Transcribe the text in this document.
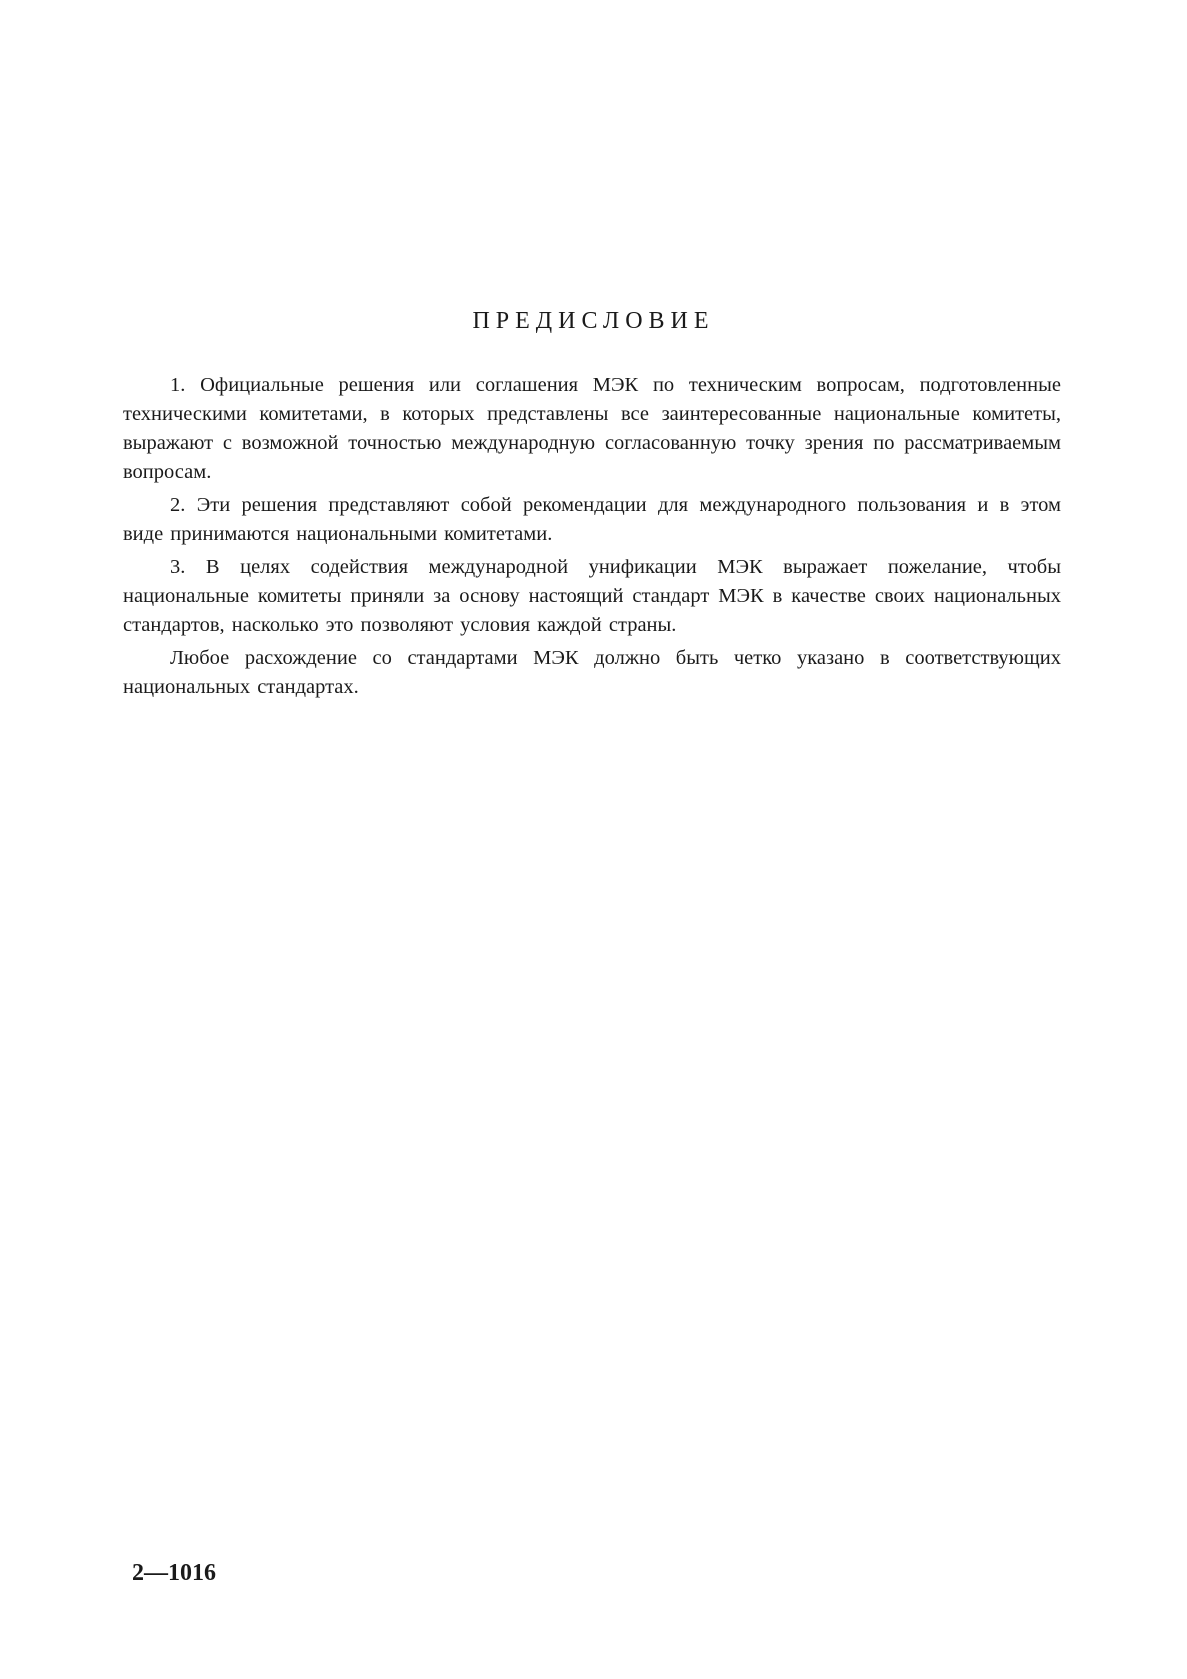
ПРЕДИСЛОВИЕ

1. Официальные решения или соглашения МЭК по техническим вопросам, подготовленные техническими комитетами, в которых представлены все заинтересованные национальные комитеты, выражают с возможной точностью международную согласованную точку зрения по рассматриваемым вопросам.

2. Эти решения представляют собой рекомендации для международного пользования и в этом виде принимаются национальными комитетами.

3. В целях содействия международной унификации МЭК выражает пожелание, чтобы национальные комитеты приняли за основу настоящий стандарт МЭК в качестве своих национальных стандартов, насколько это позволяют условия каждой страны.

Любое расхождение со стандартами МЭК должно быть четко указано в соответствующих национальных стандартах.

2—1016
